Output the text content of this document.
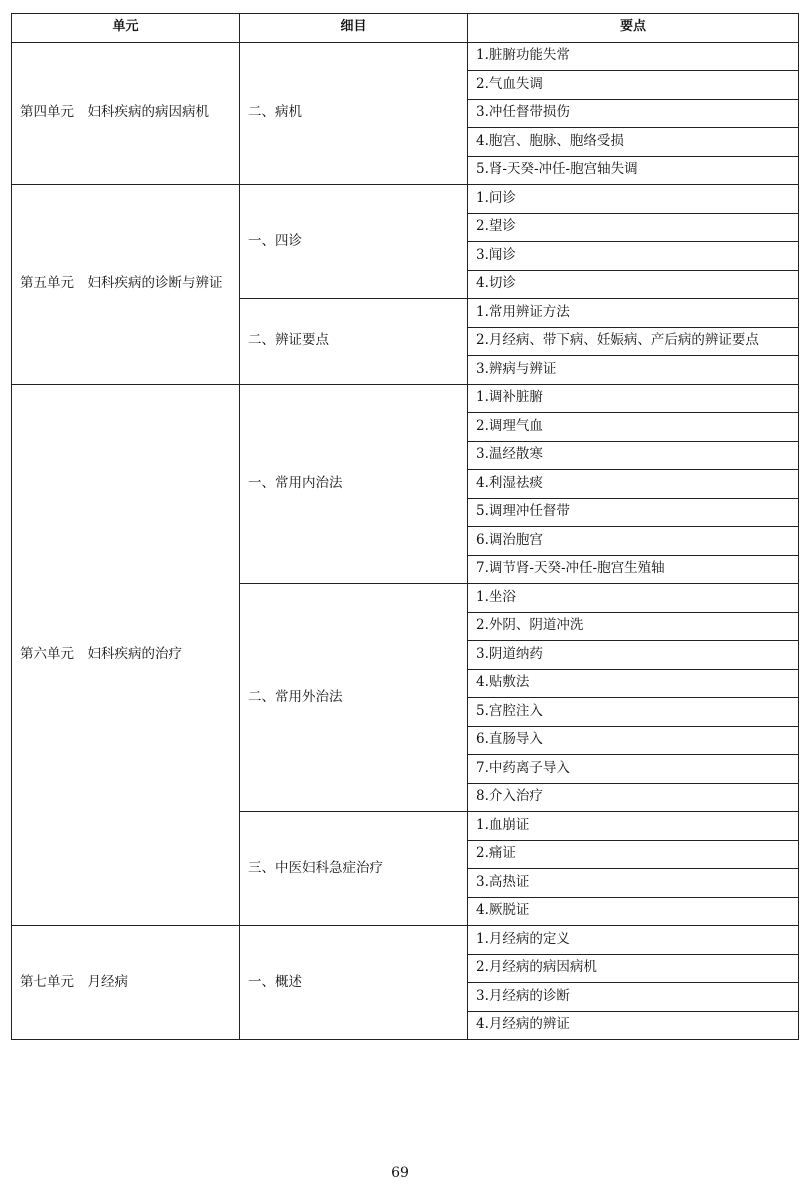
单元	细目	要点
第四单元　妇科疾病的病因病机	二、病机	1.脏腑功能失常
		2.气血失调
		3.冲任督带损伤
		4.胞宫、胞脉、胞络受损
		5.肾-天癸-冲任-胞宫轴失调
第五单元　妇科疾病的诊断与辨证	一、四诊	1.问诊
		2.望诊
		3.闻诊
		4.切诊
	二、辨证要点	1.常用辨证方法
		2.月经病、带下病、妊娠病、产后病的辨证要点
		3.辨病与辨证
第六单元　妇科疾病的治疗	一、常用内治法	1.调补脏腑
		2.调理气血
		3.温经散寒
		4.利湿祛痰
		5.调理冲任督带
		6.调治胞宫
		7.调节肾-天癸-冲任-胞宫生殖轴
	二、常用外治法	1.坐浴
		2.外阴、阴道冲洗
		3.阴道纳药
		4.贴敷法
		5.宫腔注入
		6.直肠导入
		7.中药离子导入
		8.介入治疗
	三、中医妇科急症治疗	1.血崩证
		2.痛证
		3.高热证
		4.厥脱证
第七单元　月经病	一、概述	1.月经病的定义
		2.月经病的病因病机
		3.月经病的诊断
		4.月经病的辨证
69
